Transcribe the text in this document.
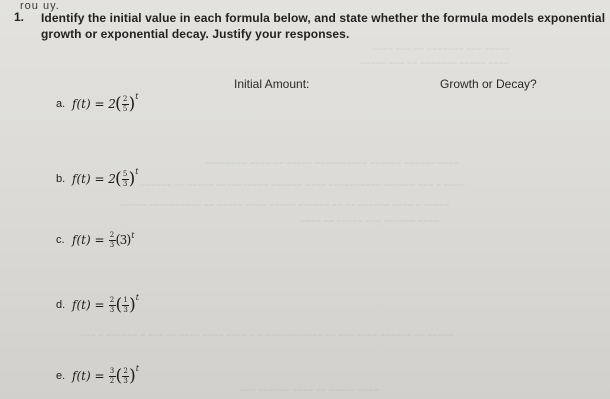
rou uy.
~~~~~ ~~~ ~~~~~~~ ~~ ~~~ ~~~~
~~~~ ~~~~~ ~~~~~~~ ~~ ~~~ ~~~~~
~~~~ ~~~~~~ ~~~~~~ ~~~~~~~~~~ ~~~~~ ~~ ~~~~ ~~~~~~~~
~~~~ ~ ~~~ ~~~~~~ ~~~~~~~~~~ ~~~~ ~~~~~~ ~~~~~~~~~~ ~~~~~ ~~ ~~~~~~
~~~~~ ~ ~~~~ ~~~~~~ ~~ ~~ ~~~~~~ ~~~~~ ~~~~ ~~~~~ ~~ ~~~~~~~~~~ ~~~~~
~~~~ ~~~~~~ ~~~ ~~~~~ ~~ ~~~~
~~~~~ ~~ ~~~~~~ ~~~~ ~~~ ~~ ~~~~~~~~~~~ ~ ~ ~~~~ ~~~~ ~~~~ ~~ ~~~ ~ ~~~~~~ ~ ~~~
~~~~ ~~~~~ ~~ ~~~~ ~~~~~~ ~~~
1. Identify the initial value in each formula below, and state whether the formula models exponential
growth or exponential decay. Justify your responses.
Initial Amount:	Growth or Decay?
a. f(t) = 2 ( $\frac{2}{5}$ ) t
b. f(t) = 2 ( $\frac{5}{3}$ ) t
c. $f(t) = \frac{2}{3}$ ( 3 ) t
d. $f(t) = \frac{2}{3}$ ( $\frac{1}{3}$ ) t
e. $f(t) = \frac{3}{2}$ ( $\frac{2}{3}$ ) t
